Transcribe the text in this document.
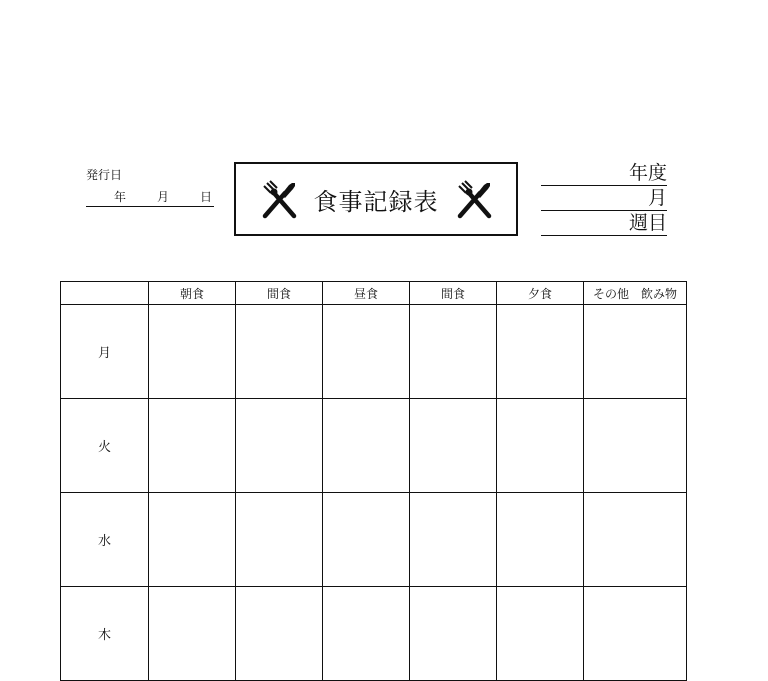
発行日
年	月	日	食事記録表
年度
月
週目
	朝食	間食	昼食	間食	夕食	その他　飲み物
月						
火						
水						
木						
